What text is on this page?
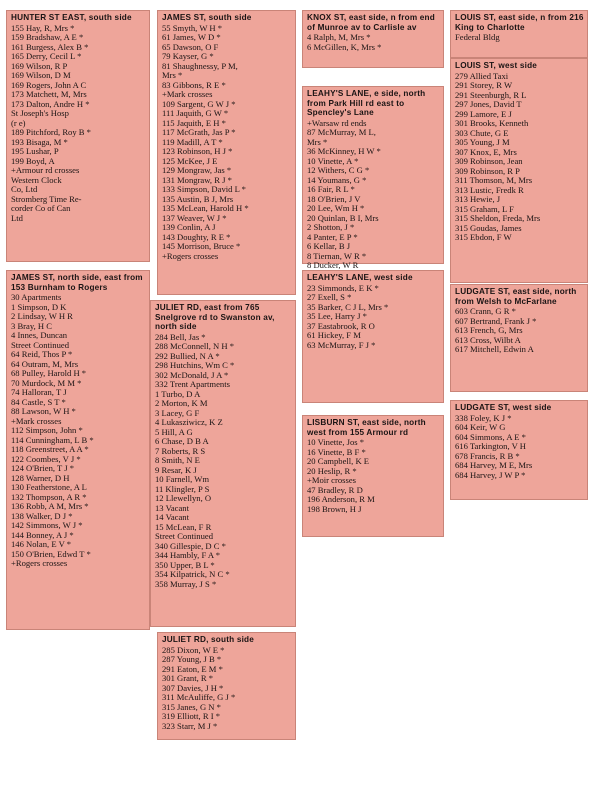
HUNTER ST EAST, south side
155 Hay, R, Mrs *
159 Bradshaw, A E *
161 Burgess, Alex B *
165 Derry, Cecil L *
169 Wilson, R P
169 Wilson, D M
169 Rogers, John A C
173 Matchett, M, Mrs
173 Dalton, Andre H *
St Joseph's Hosp
(r e)
189 Pitchford, Roy B *
193 Bisaga, M *
195 Lushar, P
199 Boyd, A
+Armour rd crosses
Western Clock
Co, Ltd
Stromberg Time Re-
corder Co of Can
Ltd
JAMES ST, north side, east from 153 Burnham to Rogers
30 Apartments
1 Simpson, D K
2 Lindsay, W H R
3 Bray, H C
4 Innes, Duncan
Street Continued
64 Reid, Thos P *
64 Outram, M, Mrs
68 Pulley, Harold H *
70 Murdock, M M *
74 Halloran, T J
84 Castle, S T *
88 Lawson, W H *
+Mark crosses
112 Simpson, John *
114 Cunningham, L B *
118 Greenstreet, A A *
122 Coombes, V J *
124 O'Brien, T J *
128 Warner, D H
130 Featherstone, A L
132 Thompson, A R *
136 Robb, A M, Mrs *
138 Walker, D J *
142 Simmons, W J *
144 Bonney, A J *
146 Nolan, E V *
150 O'Brien, Edwd T *
+Rogers crosses
JAMES ST, south side
55 Smyth, W H *
61 James, W D *
65 Dawson, O F
79 Kayser, G *
81 Shaughnessy, P M,
Mrs *
83 Gibbons, R E *
+Mark crosses
109 Sargent, G W J *
111 Jaquith, G W *
115 Jaquith, E H *
117 McGrath, Jas P *
119 Madill, A T *
123 Robinson, H J *
125 McKee, J E
129 Mongraw, Jas *
131 Mongraw, R J *
133 Simpson, David L *
135 Austin, B J, Mrs
135 McLean, Harold H *
137 Weaver, W J *
139 Conlin, A J
143 Doughty, R E *
145 Morrison, Bruce *
+Rogers crosses
JULIET RD, east from 765 Snelgrove rd to Swanston av, north side
284 Bell, Jas *
288 McConnell, N H *
292 Bullied, N A *
298 Hutchins, Wm C *
302 McDonald, J A *
332 Trent Apartments
1 Turbo, D A
2 Morton, K M
3 Lacey, G F
4 Lukasziwicz, K Z
5 Hill, A G
6 Chase, D B A
7 Roberts, R S
8 Smith, N E
9 Resar, K J
10 Farnell, Wm
11 Klingler, P S
12 Llewellyn, O
13 Vacant
14 Vacant
15 McLean, F R
Street Continued
340 Gillespie, D C *
344 Hambly, F A *
350 Upper, B L *
354 Kilpatrick, N C *
358 Murray, J S *
JULIET RD, south side
285 Dixon, W E *
287 Young, J B *
291 Eaton, E M *
301 Grant, R *
307 Davies, J H *
311 McAuliffe, G J *
315 Janes, G N *
319 Elliott, R I *
323 Starr, M J *
KNOX ST, east side, n from end of Munroe av to Carlisle av
4 Ralph, M, Mrs *
6 McGillen, K, Mrs *
LEAHY'S LANE, e side, north from Park Hill rd east to Spencley's Lane
+Warsaw rd ends
87 McMurray, M L,
Mrs *
36 McKinney, H W *
10 Vinette, A *
12 Withers, C G *
14 Youmans, G *
16 Fair, R L *
18 O'Brien, J V
20 Lee, Wm H *
20 Quinlan, B I, Mrs
2 Shotton, J *
4 Panter, E P *
6 Kellar, B J
8 Tiernan, W R *
8 Ducker, W R
LEAHY'S LANE, west side
23 Simmonds, E K *
27 Exell, S *
35 Barker, C J L, Mrs *
35 Lee, Harry J *
37 Eastabrook, R O
61 Hickey, F M
63 McMurray, F J *
LISBURN ST, east side, north west from 155 Armour rd
10 Vinette, Jos *
16 Vinette, B F *
20 Campbell, K E
20 Heslip, R *
+Moir crosses
47 Bradley, R D
196 Anderson, R M
198 Brown, H J
LOUIS ST, east side, n from 216 King to Charlotte
Federal Bldg
LOUIS ST, west side
279 Allied Taxi
291 Storey, R W
291 Steenburgh, R L
297 Jones, David T
299 Lamore, E J
301 Brooks, Kenneth
303 Chute, G E
305 Young, J M
307 Knox, E, Mrs
309 Robinson, Jean
309 Robinson, R P
311 Thomson, M, Mrs
313 Lustic, Fredk R
313 Hewie, J
315 Graham, L F
315 Sheldon, Freda, Mrs
315 Goudas, James
315 Ebdon, F W
LUDGATE ST, east side, north from Welsh to McFarlane
603 Crann, G R *
607 Bertrand, Frank J *
613 French, G, Mrs
613 Cross, Wilbt A
617 Mitchell, Edwin A
LUDGATE ST, west side
338 Foley, K J *
604 Keir, W G
604 Simmons, A E *
616 Tarkington, V H
678 Francis, R B *
684 Harvey, M E, Mrs
684 Harvey, J W P *
